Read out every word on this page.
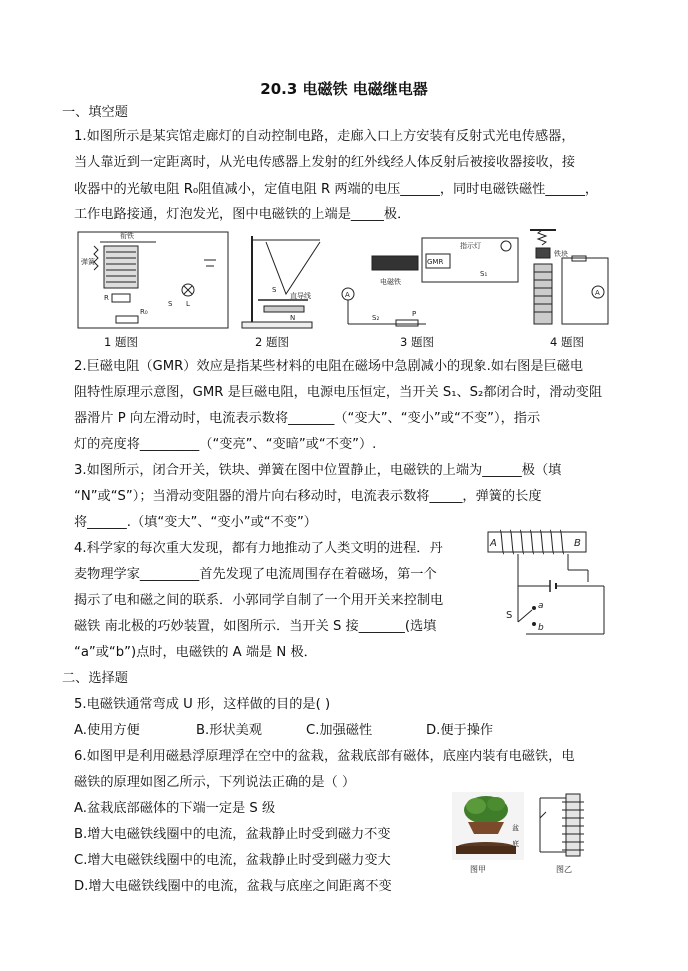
20.3 电磁铁 电磁继电器
一、填空题
1.如图所示是某宾馆走廊灯的自动控制电路，走廊入口上方安装有反射式光电传感器，
当人靠近到一定距离时，从光电传感器上发射的红外线经人体反射后被接收器接收，接
收器中的光敏电阻 R₀阻值减小，定值电阻 R 两端的电压______，同时电磁铁磁性______，
工作电路接通，灯泡发光，图中电磁铁的上端是_____极．
衔铁
弹簧
R
L
S
R₀
直导线
S
N
电磁铁
GMR
指示灯
S₁
A
S₂	P
铁块
A
1 题图	2 题图	3 题图	4 题图
2.巨磁电阻（GMR）效应是指某些材料的电阻在磁场中急剧减小的现象.如右图是巨磁电
阻特性原理示意图，GMR 是巨磁电阻，电源电压恒定，当开关 S₁、S₂都闭合时，滑动变阻
器滑片 P 向左滑动时，电流表示数将_______（“变大”、“变小”或“不变”），指示
灯的亮度将_________（“变亮”、“变暗”或“不变”）.
3.如图所示，闭合开关，铁块、弹簧在图中位置静止，电磁铁的上端为______极（填
“N”或“S”）；当滑动变阻器的滑片向右移动时，电流表示数将_____，弹簧的长度
将______.（填“变大”、“变小”或“不变”）
4.科学家的每次重大发现，都有力地推动了人类文明的进程．丹
麦物理学家_________首先发现了电流周围存在着磁场，第一个
揭示了电和磁之间的联系．小郭同学自制了一个用开关来控制电
磁铁 南北极的巧妙装置，如图所示．当开关 S 接_______(选填
“a”或“b”)点时，电磁铁的 A 端是 N 极．
A	B
S
a
b
二、选择题
5.电磁铁通常弯成 U 形，这样做的目的是( )
A.使用方便	B.形状美观	C.加强磁性	D.便于操作
6.如图甲是利用磁悬浮原理浮在空中的盆栽，盆栽底部有磁体，底座内装有电磁铁，电
磁铁的原理如图乙所示，下列说法正确的是（ ）
A.盆栽底部磁体的下端一定是 S 级
B.增大电磁铁线圈中的电流，盆栽静止时受到磁力不变
C.增大电磁铁线圈中的电流，盆栽静止时受到磁力变大
D.增大电磁铁线圈中的电流，盆栽与底座之间距离不变
盆
底
图甲	图乙
